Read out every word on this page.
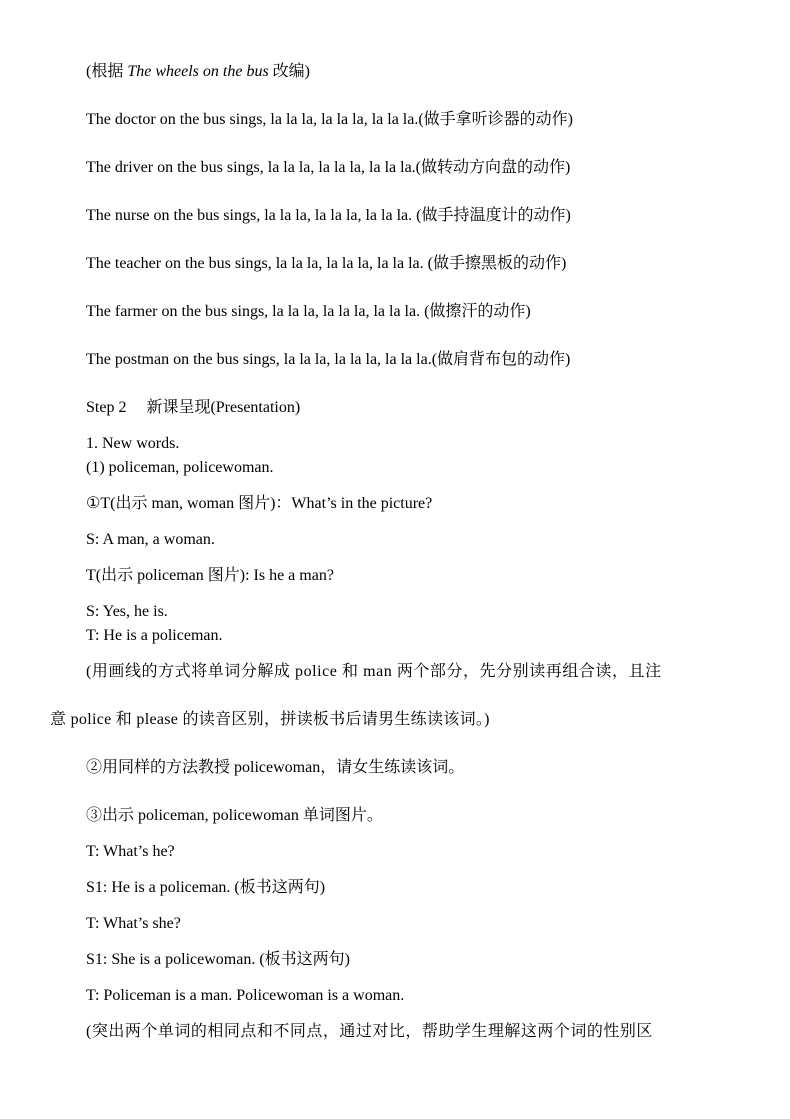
(根据 The wheels on the bus 改编)
The doctor on the bus sings, la la la, la la la, la la la.(做手拿听诊器的动作)
The driver on the bus sings, la la la, la la la, la la la.(做转动方向盘的动作)
The nurse on the bus sings, la la la, la la la, la la la. (做手持温度计的动作)
The teacher on the bus sings, la la la, la la la, la la la. (做手擦黑板的动作)
The farmer on the bus sings, la la la, la la la, la la la. (做擦汗的动作)
The postman on the bus sings, la la la, la la la, la la la.(做肩背布包的动作)
Step 2　 新课呈现(Presentation)
1. New words.
(1) policeman, policewoman.
①T(出示 man, woman 图片)：What’s in the picture?
S: A man, a woman.
T(出示 policeman 图片): Is he a man?
S: Yes, he is.
T: He is a policeman.
(用画线的方式将单词分解成 police 和 man 两个部分，先分别读再组合读，且注
意 police 和 please 的读音区别，拼读板书后请男生练读该词。)
②用同样的方法教授 policewoman，请女生练读该词。
③出示 policeman, policewoman 单词图片。
T: What’s he?
S1: He is a policeman. (板书这两句)
T: What’s she?
S1: She is a policewoman. (板书这两句)
T: Policeman is a man. Policewoman is a woman.
(突出两个单词的相同点和不同点，通过对比，帮助学生理解这两个词的性别区
